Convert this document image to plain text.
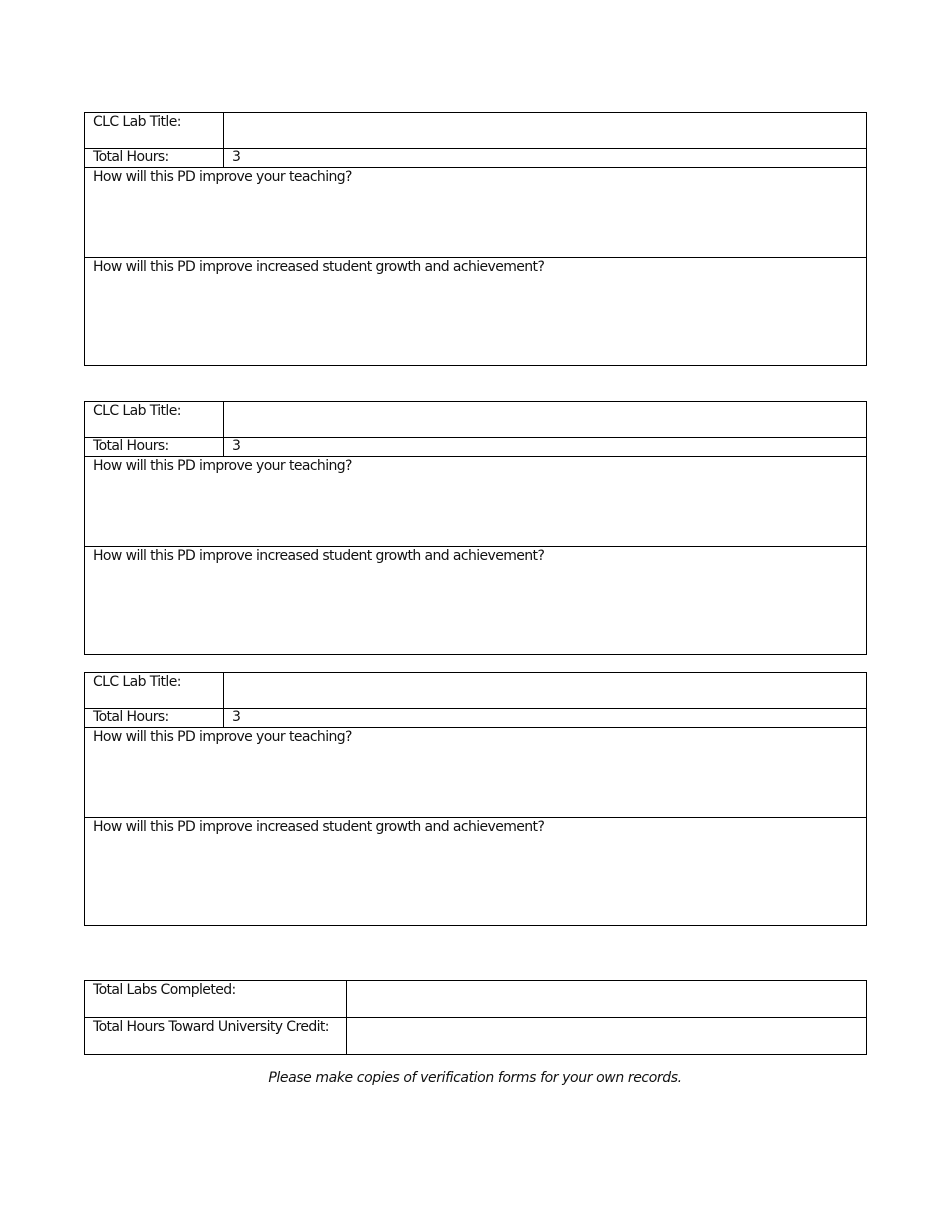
CLC Lab Title:	
Total Hours:	3
How will this PD improve your teaching?	
How will this PD improve increased student growth and achievement?	
CLC Lab Title:	
Total Hours:	3
How will this PD improve your teaching?	
How will this PD improve increased student growth and achievement?	
CLC Lab Title:	
Total Hours:	3
How will this PD improve your teaching?	
How will this PD improve increased student growth and achievement?	
Total Labs Completed:	
Total Hours Toward University Credit:	
Please make copies of verification forms for your own records.
